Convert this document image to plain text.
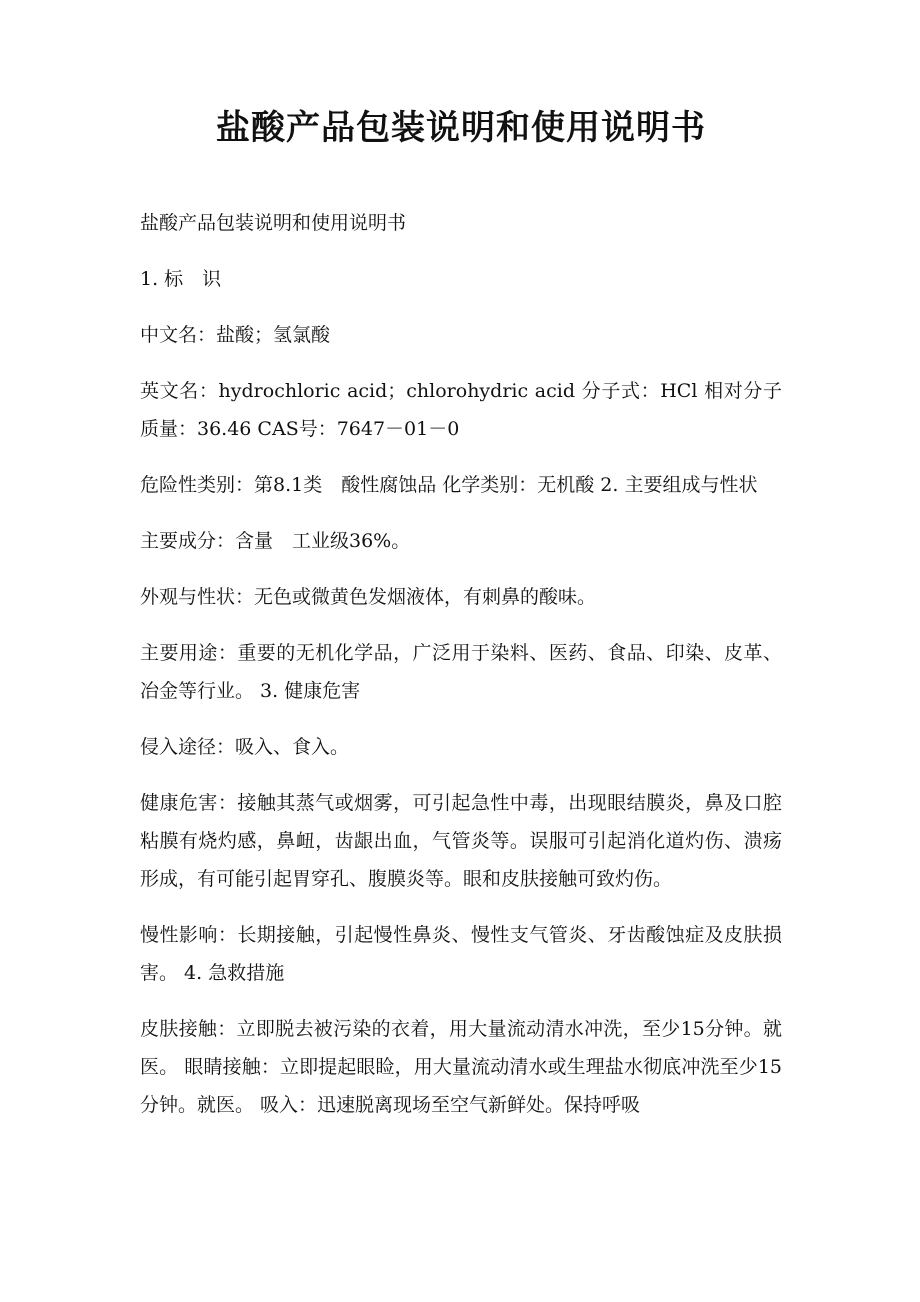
盐酸产品包装说明和使用说明书

盐酸产品包装说明和使用说明书

1. 标　识

中文名：盐酸；氢氯酸

英文名：hydrochloric acid；chlorohydric acid 分子式：HCl 相对分子质量：36.46 CAS号：7647－01－0

危险性类别：第8.1类　酸性腐蚀品 化学类别：无机酸 2. 主要组成与性状

主要成分：含量　工业级36%。

外观与性状：无色或微黄色发烟液体，有刺鼻的酸味。

主要用途：重要的无机化学品，广泛用于染料、医药、食品、印染、皮革、冶金等行业。 3. 健康危害

侵入途径：吸入、食入。

健康危害：接触其蒸气或烟雾，可引起急性中毒，出现眼结膜炎，鼻及口腔粘膜有烧灼感，鼻衄，齿龈出血，气管炎等。误服可引起消化道灼伤、溃疡形成，有可能引起胃穿孔、腹膜炎等。眼和皮肤接触可致灼伤。

慢性影响：长期接触，引起慢性鼻炎、慢性支气管炎、牙齿酸蚀症及皮肤损害。 4. 急救措施

皮肤接触：立即脱去被污染的衣着，用大量流动清水冲洗，至少15分钟。就医。 眼睛接触：立即提起眼睑，用大量流动清水或生理盐水彻底冲洗至少15分钟。就医。 吸入：迅速脱离现场至空气新鲜处。保持呼吸
